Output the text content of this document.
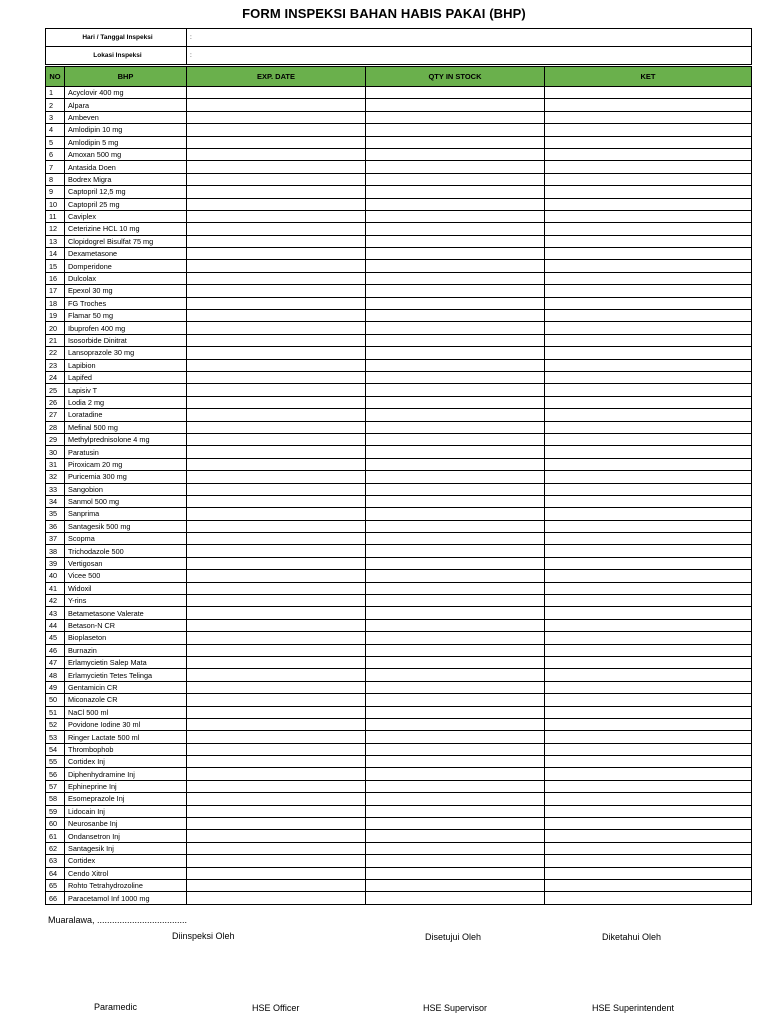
FORM INSPEKSI BAHAN HABIS PAKAI (BHP)
Hari / Tanggal Inspeksi	:
Lokasi Inspeksi	:
NO	BHP	EXP. DATE	QTY IN STOCK	KET
1	Acyclovir 400 mg			
2	Alpara			
3	Ambeven			
4	Amlodipin 10 mg			
5	Amlodipin 5 mg			
6	Amoxan 500 mg			
7	Antasida Doen			
8	Bodrex Migra			
9	Captopril 12,5 mg			
10	Captopril 25 mg			
11	Caviplex			
12	Ceterizine HCL 10 mg			
13	Clopidogrel Bisulfat 75 mg			
14	Dexametasone			
15	Domperidone			
16	Dulcolax			
17	Epexol 30 mg			
18	FG Troches			
19	Flamar 50 mg			
20	Ibuprofen 400 mg			
21	Isosorbide Dinitrat			
22	Lansoprazole 30 mg			
23	Lapibion			
24	Lapifed			
25	Lapisiv T			
26	Lodia 2 mg			
27	Loratadine			
28	Mefinal 500 mg			
29	Methylprednisolone 4 mg			
30	Paratusin			
31	Piroxicam 20 mg			
32	Puricemia 300 mg			
33	Sangobion			
34	Sanmol 500 mg			
35	Sanprima			
36	Santagesik 500 mg			
37	Scopma			
38	Trichodazole 500			
39	Vertigosan			
40	Vicee 500			
41	Widoxil			
42	Y-rins			
43	Betametasone Valerate			
44	Betason-N CR			
45	Bioplaseton			
46	Burnazin			
47	Erlamycietin Salep Mata			
48	Erlamycietin Tetes Telinga			
49	Gentamicin CR			
50	Miconazole CR			
51	NaCl 500 ml			
52	Povidone Iodine 30 ml			
53	Ringer Lactate 500 ml			
54	Thrombophob			
55	Cortidex Inj			
56	Diphenhydramine Inj			
57	Ephineprine Inj			
58	Esomeprazole Inj			
59	Lidocain Inj			
60	Neurosanbe Inj			
61	Ondansetron Inj			
62	Santagesik Inj			
63	Cortidex			
64	Cendo Xitrol			
65	Rohto Tetrahydrozoline			
66	Paracetamol Inf 1000 mg			
Muaralawa, ....................................
Diinspeksi Oleh	Disetujui Oleh	Diketahui Oleh
Paramedic	HSE Officer	HSE Supervisor	HSE Superintendent
